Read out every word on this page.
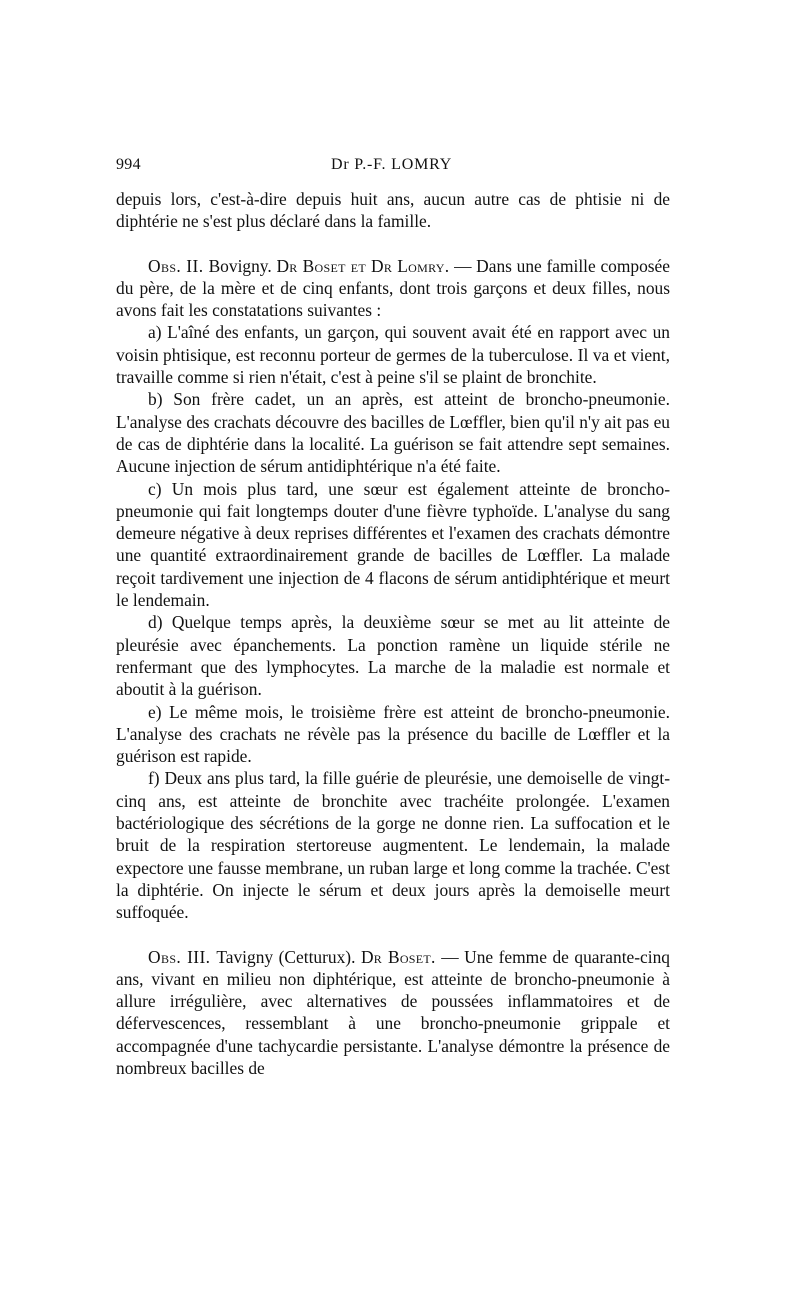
994	Dr P.-F. LOMRY

depuis lors, c'est-à-dire depuis huit ans, aucun autre cas de phtisie ni de diphtérie ne s'est plus déclaré dans la famille.

Obs. II. Bovigny. Dr Boset et Dr Lomry. — Dans une famille composée du père, de la mère et de cinq enfants, dont trois garçons et deux filles, nous avons fait les constatations suivantes :

a) L'aîné des enfants, un garçon, qui souvent avait été en rapport avec un voisin phtisique, est reconnu porteur de germes de la tuberculose. Il va et vient, travaille comme si rien n'était, c'est à peine s'il se plaint de bronchite.

b) Son frère cadet, un an après, est atteint de broncho-pneumonie. L'analyse des crachats découvre des bacilles de Lœffler, bien qu'il n'y ait pas eu de cas de diphtérie dans la localité. La guérison se fait attendre sept semaines. Aucune injection de sérum antidiphtérique n'a été faite.

c) Un mois plus tard, une sœur est également atteinte de broncho-pneumonie qui fait longtemps douter d'une fièvre typhoïde. L'analyse du sang demeure négative à deux reprises différentes et l'examen des crachats démontre une quantité extraordinairement grande de bacilles de Lœffler. La malade reçoit tardivement une injection de 4 flacons de sérum antidiphtérique et meurt le lendemain.

d) Quelque temps après, la deuxième sœur se met au lit atteinte de pleurésie avec épanchements. La ponction ramène un liquide stérile ne renfermant que des lymphocytes. La marche de la maladie est normale et aboutit à la guérison.

e) Le même mois, le troisième frère est atteint de broncho-pneumonie. L'analyse des crachats ne révèle pas la présence du bacille de Lœffler et la guérison est rapide.

f) Deux ans plus tard, la fille guérie de pleurésie, une demoiselle de vingt-cinq ans, est atteinte de bronchite avec trachéite prolongée. L'examen bactériologique des sécrétions de la gorge ne donne rien. La suffocation et le bruit de la respiration stertoreuse augmentent. Le lendemain, la malade expectore une fausse membrane, un ruban large et long comme la trachée. C'est la diphtérie. On injecte le sérum et deux jours après la demoiselle meurt suffoquée.

Obs. III. Tavigny (Cetturux). Dr Boset. — Une femme de quarante-cinq ans, vivant en milieu non diphtérique, est atteinte de broncho-pneumonie à allure irrégulière, avec alternatives de poussées inflammatoires et de défervescences, ressemblant à une broncho-pneumonie grippale et accompagnée d'une tachycardie persistante. L'analyse démontre la présence de nombreux bacilles de
